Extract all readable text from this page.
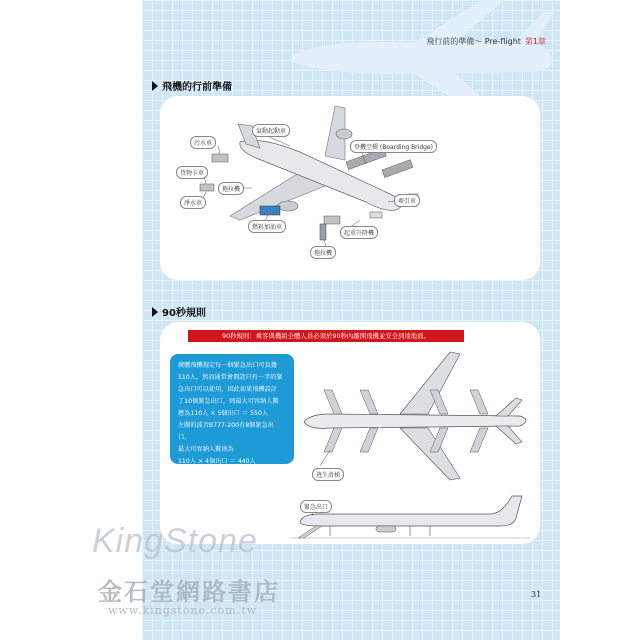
飛行前的準備～ Pre-flight 第1章
飛機的行前準備
污水車
氣動起動車
貨物卡車
拖拉機
淨水車
燃料加油車
登機空橋 (Boarding Bridge)
牽引車
起重升降機
拖拉機
90秒規則
90秒規則：乘客與機組全體人員必須於90秒內離開飛機並安全到達地面。
廣體飛機規定每一個緊急出口可負擔
110人，然而通常會假設只有一半的緊
急出口可以使用，因此如果飛機設計
了10個緊急出口，則最大可容納人數
應為110人 × 5個出口 ＝ 550人
左圖的波音B777-200有8個緊急出口，
最大可容納人數則為
110人 × 4個出口 ＝ 440人
逃生滑梯
緊急出口
31
KingStone
金石堂網路書店
www.kingstone.com.tw
